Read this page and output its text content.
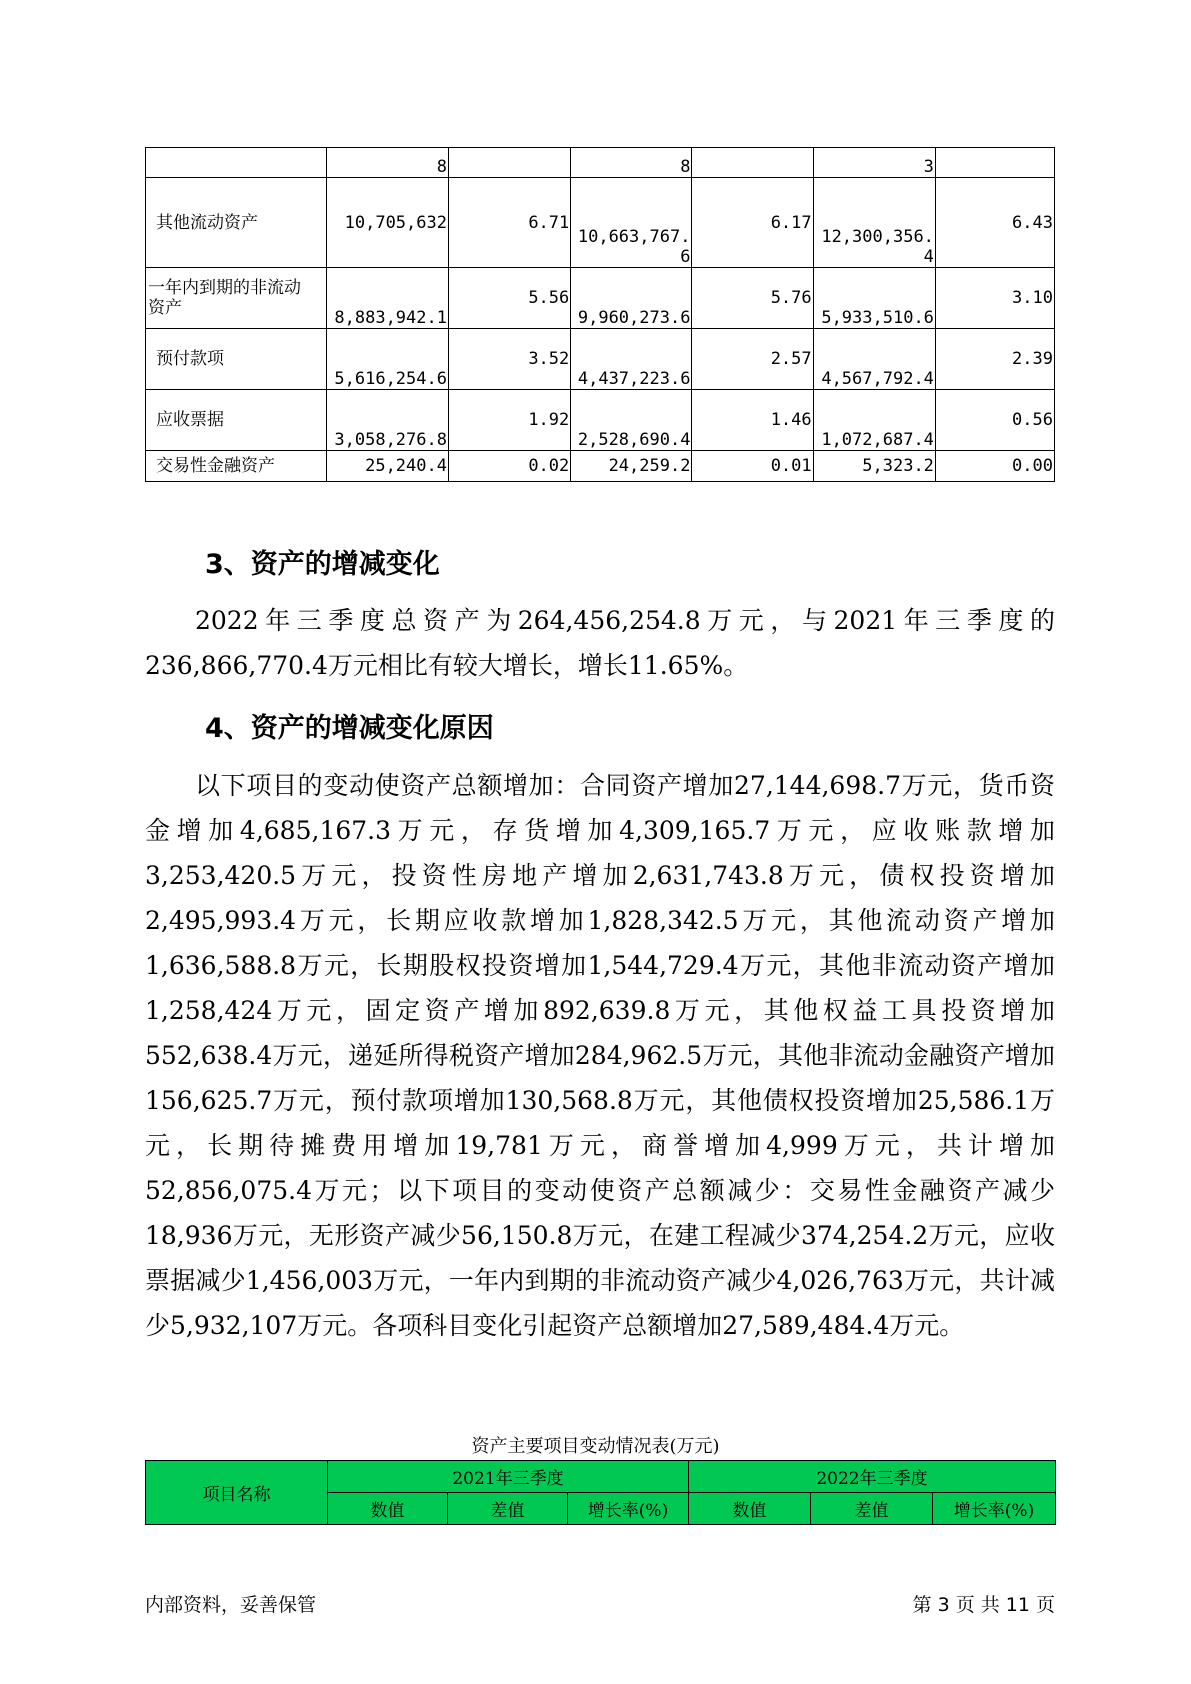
	8		8		3	
其他流动资产	10,705,632	6.71	10,663,767.6	6.17	12,300,356.4	6.43
一年内到期的非流动资产	8,883,942.1	5.56	9,960,273.6	5.76	5,933,510.6	3.10
预付款项	5,616,254.6	3.52	4,437,223.6	2.57	4,567,792.4	2.39
应收票据	3,058,276.8	1.92	2,528,690.4	1.46	1,072,687.4	0.56
交易性金融资产	25,240.4	0.02	24,259.2	0.01	5,323.2	0.00
3、资产的增减变化

2022年三季度总资产为264,456,254.8万元，与2021年三季度的236,866,770.4万元相比有较大增长，增长11.65%。

4、资产的增减变化原因

以下项目的变动使资产总额增加：合同资产增加27,144,698.7万元，货币资金增加4,685,167.3万元，存货增加4,309,165.7万元，应收账款增加3,253,420.5万元，投资性房地产增加2,631,743.8万元，债权投资增加2,495,993.4万元，长期应收款增加1,828,342.5万元，其他流动资产增加1,636,588.8万元，长期股权投资增加1,544,729.4万元，其他非流动资产增加1,258,424万元，固定资产增加892,639.8万元，其他权益工具投资增加552,638.4万元，递延所得税资产增加284,962.5万元，其他非流动金融资产增加156,625.7万元，预付款项增加130,568.8万元，其他债权投资增加25,586.1万元，长期待摊费用增加19,781万元，商誉增加4,999万元，共计增加52,856,075.4万元；以下项目的变动使资产总额减少：交易性金融资产减少18,936万元，无形资产减少56,150.8万元，在建工程减少374,254.2万元，应收票据减少1,456,003万元，一年内到期的非流动资产减少4,026,763万元，共计减少5,932,107万元。各项科目变化引起资产总额增加27,589,484.4万元。

资产主要项目变动情况表(万元)
项目名称	2021年三季度			2022年三季度		
	数值	差值	增长率(%)	数值	差值	增长率(%)
内部资料，妥善保管	第 3 页 共 11 页
